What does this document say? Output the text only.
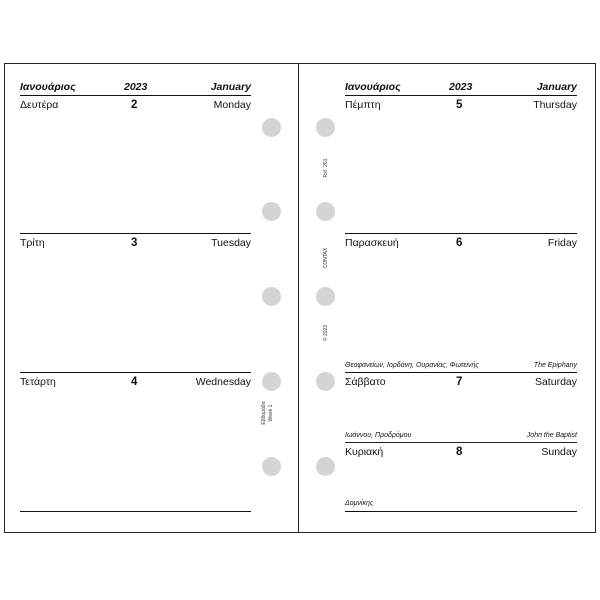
Ιανουάριος	2023	January
Δευτέρα	2	Monday
Τρίτη	3	Tuesday
Τετάρτη	4	Wednesday
Ιανουάριος	2023	January
Πέμπτη	5	Thursday
Παρασκευή	6	Friday
Θεοφανείων, Ιορδάνη, Ουρανίας, Φωτεινής	The Epiphany
Σάββατο	7	Saturday
Ιωάννου, Προδρόμου	John the Baptist
Κυριακή	8	Sunday
Δομνίκης
Ref. 261
CONTAX
© 2023
Εβδομάδα Week 1
